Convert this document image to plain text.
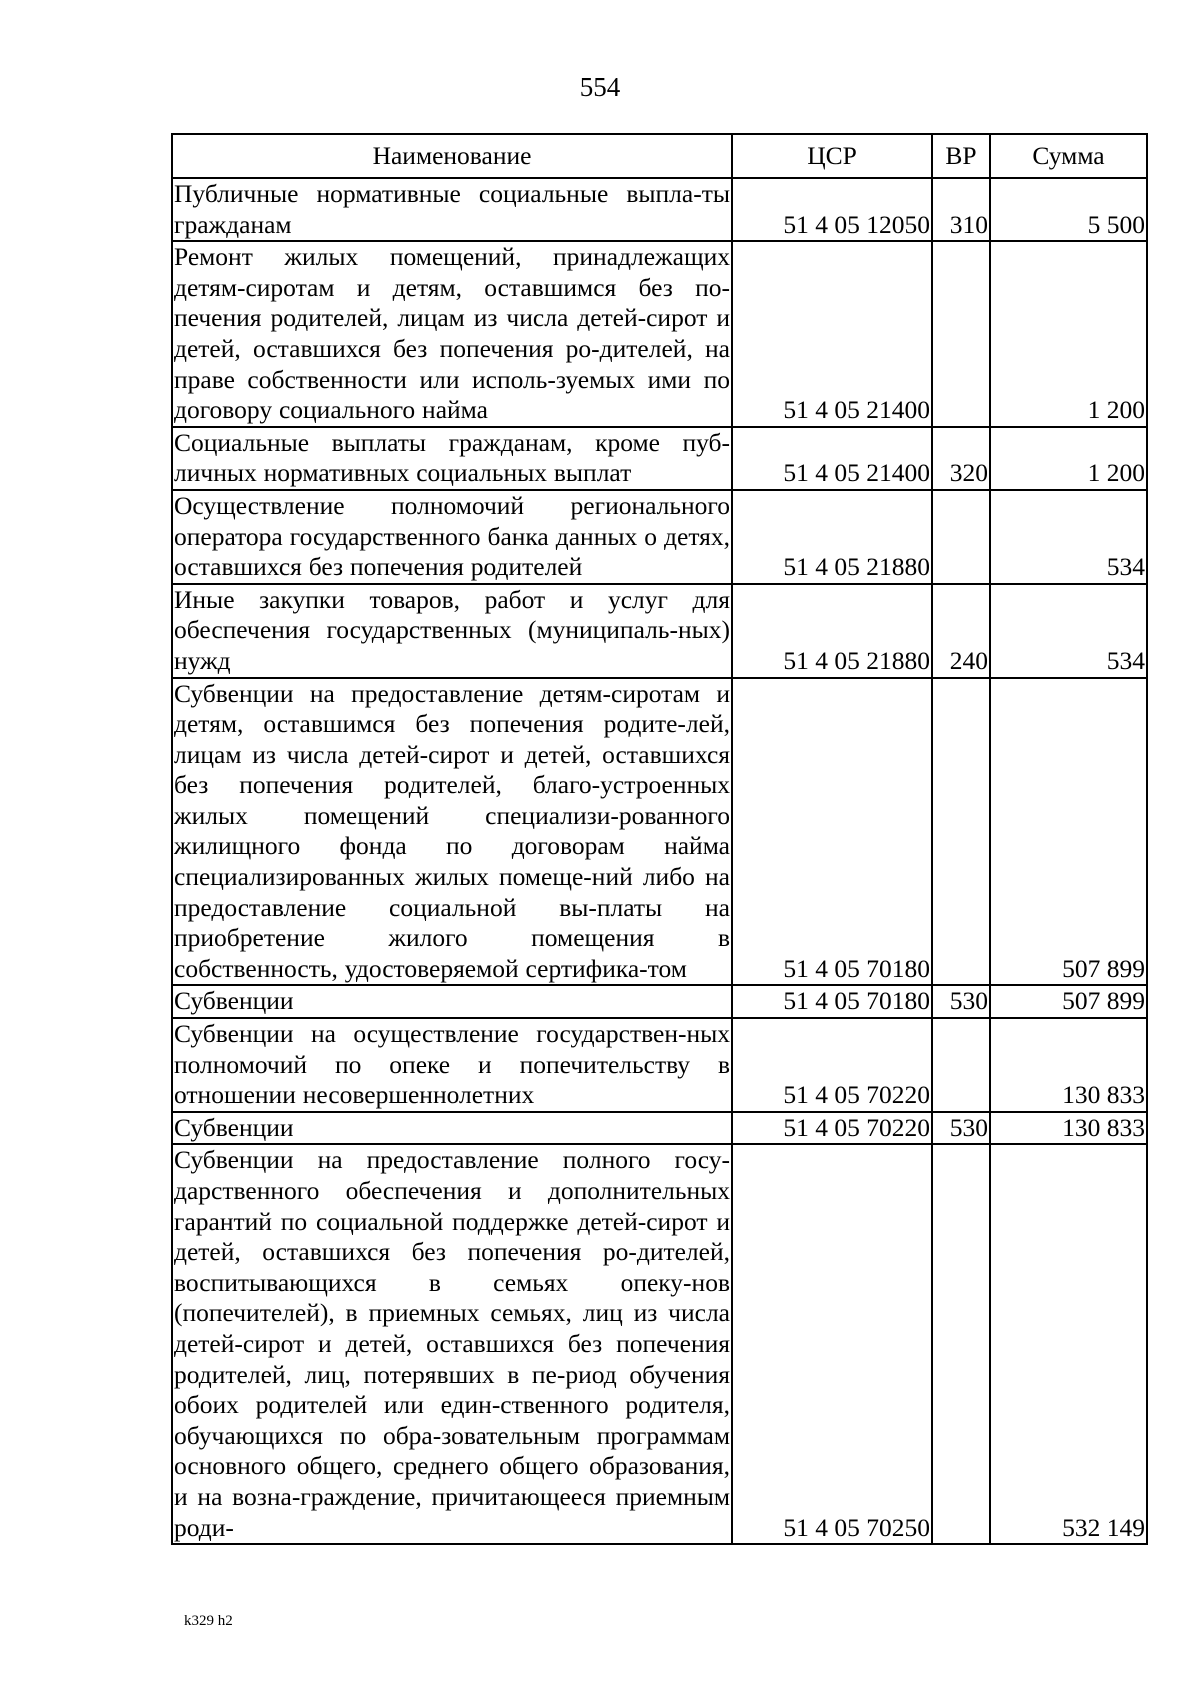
554
Наименование	ЦСР	ВР	Сумма
Публичные нормативные социальные выпла-ты гражданам	51 4 05 12050	310	5 500
Ремонт жилых помещений, принадлежащих детям-сиротам и детям, оставшимся без по-печения родителей, лицам из числа детей-сирот и детей, оставшихся без попечения ро-дителей, на праве собственности или исполь-зуемых ими по договору социального найма	51 4 05 21400		1 200
Социальные выплаты гражданам, кроме пуб-личных нормативных социальных выплат	51 4 05 21400	320	1 200
Осуществление полномочий регионального оператора государственного банка данных о детях, оставшихся без попечения родителей	51 4 05 21880		534
Иные закупки товаров, работ и услуг для обеспечения государственных (муниципаль-ных) нужд	51 4 05 21880	240	534
Субвенции на предоставление детям-сиротам и детям, оставшимся без попечения родите-лей, лицам из числа детей-сирот и детей, оставшихся без попечения родителей, благо-устроенных жилых помещений специализи-рованного жилищного фонда по договорам найма специализированных жилых помеще-ний либо на предоставление социальной вы-платы на приобретение жилого помещения в собственность, удостоверяемой сертифика-том	51 4 05 70180		507 899
Субвенции	51 4 05 70180	530	507 899
Субвенции на осуществление государствен-ных полномочий по опеке и попечительству в отношении несовершеннолетних	51 4 05 70220		130 833
Субвенции	51 4 05 70220	530	130 833
Субвенции на предоставление полного госу-дарственного обеспечения и дополнительных гарантий по социальной поддержке детей-сирот и детей, оставшихся без попечения ро-дителей, воспитывающихся в семьях опеку-нов (попечителей), в приемных семьях, лиц из числа детей-сирот и детей, оставшихся без попечения родителей, лиц, потерявших в пе-риод обучения обоих родителей или един-ственного родителя, обучающихся по обра-зовательным программам основного общего, среднего общего образования, и на возна-граждение, причитающееся приемным роди-	51 4 05 70250		532 149
k329 h2
